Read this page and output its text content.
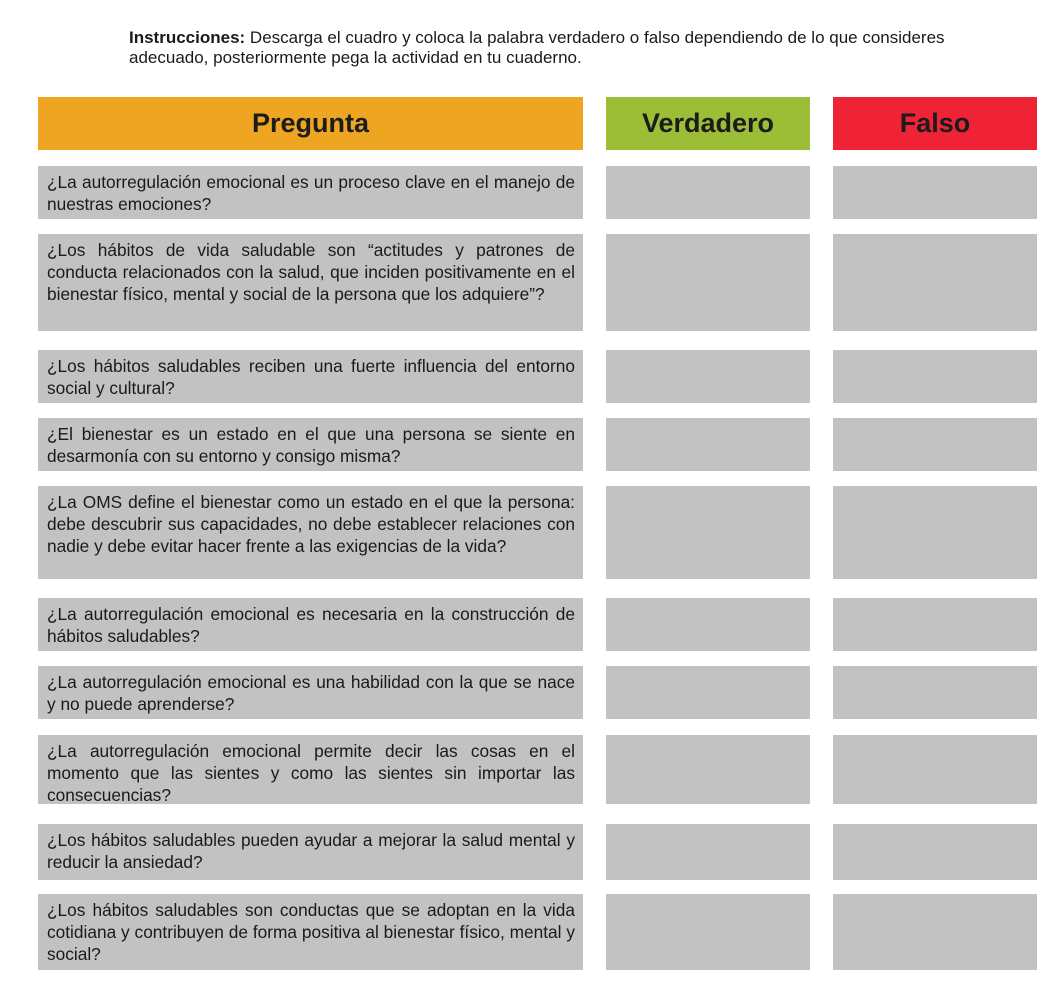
Instrucciones: Descarga el cuadro y coloca la palabra verdadero o falso dependiendo de lo que consideres adecuado, posteriormente pega la actividad en tu cuaderno.
Pregunta	Verdadero	Falso
¿La autorregulación emocional es un proceso clave en el manejo de nuestras emociones?
¿Los hábitos de vida saludable son “actitudes y patrones de conducta relacionados con la salud, que inciden positivamente en el bienestar físico, mental y social de la persona que los adquiere”?
¿Los hábitos saludables reciben una fuerte influencia del entorno social y cultural?
¿El bienestar es un estado en el que una persona se siente en desarmonía con su entorno y consigo misma?
¿La OMS define el bienestar como un estado en el que la persona: debe descubrir sus capacidades, no debe establecer relaciones con nadie y debe evitar hacer frente a las exigencias de la vida?
¿La autorregulación emocional es necesaria en la construcción de hábitos saludables?
¿La autorregulación emocional es una habilidad con la que se nace y no puede aprenderse?
¿La autorregulación emocional permite decir las cosas en el momento que las sientes y como las sientes sin importar las consecuencias?
¿Los hábitos saludables pueden ayudar a mejorar la salud mental y reducir la ansiedad?
¿Los hábitos saludables son conductas que se adoptan en la vida cotidiana y contribuyen de forma positiva al bienestar físico, mental y social?
